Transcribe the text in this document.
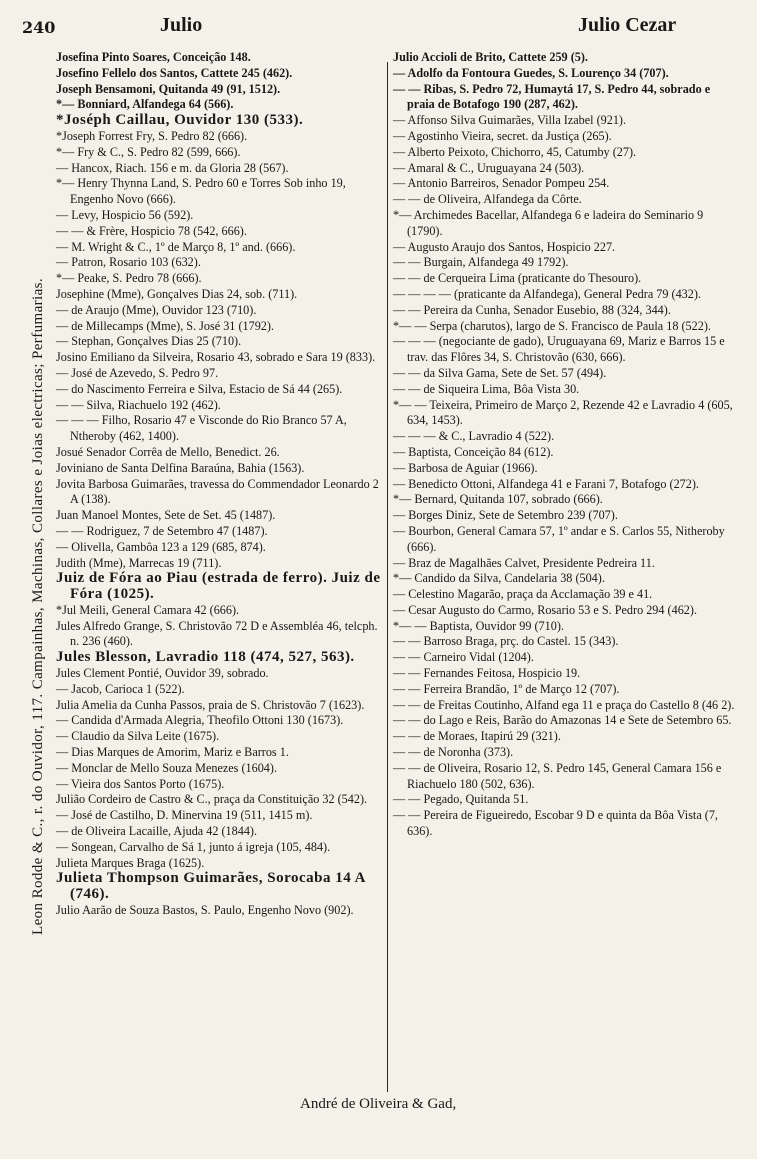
240	Julio	Julio Cezar
Leon Rodde & C., r. do Ouvidor, 117. Campainhas, Machinas, Collares e Joias electricas; Perfumarias.

Josefina Pinto Soares, Conceição 148.

Josefino Fellelo dos Santos, Cattete 245 (462).

Joseph Bensamoni, Quitanda 49 (91, 1512).

*— Bonniard, Alfandega 64 (566).

*Joséph Caillau, Ouvidor 130 (533).

*Joseph Forrest Fry, S. Pedro 82 (666).

*— Fry & C., S. Pedro 82 (599, 666).

— Hancox, Riach. 156 e m. da Gloria 28 (567).

*— Henry Thynna Land, S. Pedro 60 e Torres Sob inho 19, Engenho Novo (666).

— Levy, Hospicio 56 (592).

— — & Frère, Hospicio 78 (542, 666).

— M. Wright & C., 1º de Março 8, 1º and. (666).

— Patron, Rosario 103 (632).

*— Peake, S. Pedro 78 (666).

Josephine (Mme), Gonçalves Dias 24, sob. (711).

— de Araujo (Mme), Ouvidor 123 (710).

— de Millecamps (Mme), S. José 31 (1792).

— Stephan, Gonçalves Dias 25 (710).

Josino Emiliano da Silveira, Rosario 43, sobrado e Sara 19 (833).

— José de Azevedo, S. Pedro 97.

— do Nascimento Ferreira e Silva, Estacio de Sá 44 (265).

— — Silva, Riachuelo 192 (462).

— — — Filho, Rosario 47 e Visconde do Rio Branco 57 A, Ntheroby (462, 1400).

Josué Senador Corrêa de Mello, Benedict. 26.

Joviniano de Santa Delfina Baraúna, Bahia (1563).

Jovita Barbosa Guimarães, travessa do Commendador Leonardo 2 A (138).

Juan Manoel Montes, Sete de Set. 45 (1487).

— — Rodriguez, 7 de Setembro 47 (1487).

— Olivella, Gambôa 123 a 129 (685, 874).

Judith (Mme), Marrecas 19 (711).

Juiz de Fóra ao Piau (estrada de ferro). Juiz de Fóra (1025).

*Jul Meili, General Camara 42 (666).

Jules Alfredo Grange, S. Christovão 72 D e Assembléa 46, telcph. n. 236 (460).

Jules Blesson, Lavradio 118 (474, 527, 563).

Jules Clement Pontié, Ouvidor 39, sobrado.

— Jacob, Carioca 1 (522).

Julia Amelia da Cunha Passos, praia de S. Christovão 7 (1623).

— Candida d'Armada Alegria, Theofilo Ottoni 130 (1673).

— Claudio da Silva Leite (1675).

— Dias Marques de Amorim, Mariz e Barros 1.

— Monclar de Mello Souza Menezes (1604).

— Vieira dos Santos Porto (1675).

Julião Cordeiro de Castro & C., praça da Constituição 32 (542).

— José de Castilho, D. Minervina 19 (511, 1415 m).

— de Oliveira Lacaille, Ajuda 42 (1844).

— Songean, Carvalho de Sá 1, junto á igreja (105, 484).

Julieta Marques Braga (1625).

Julieta Thompson Guimarães, Sorocaba 14 A (746).

Julio Aarão de Souza Bastos, S. Paulo, Engenho Novo (902).

Julio Accioli de Brito, Cattete 259 (5).

— Adolfo da Fontoura Guedes, S. Lourenço 34 (707).

— — Ribas, S. Pedro 72, Humaytá 17, S. Pedro 44, sobrado e praia de Botafogo 190 (287, 462).

— Affonso Silva Guimarães, Villa Izabel (921).

— Agostinho Vieira, secret. da Justiça (265).

— Alberto Peixoto, Chichorro, 45, Catumby (27).

— Amaral & C., Uruguayana 24 (503).

— Antonio Barreiros, Senador Pompeu 254.

— — de Oliveira, Alfandega da Côrte.

*— Archimedes Bacellar, Alfandega 6 e ladeira do Seminario 9 (1790).

— Augusto Araujo dos Santos, Hospicio 227.

— — Burgain, Alfandega 49 1792).

— — de Cerqueira Lima (praticante do Thesouro).

— — — — (praticante da Alfandega), General Pedra 79 (432).

— — Pereira da Cunha, Senador Eusebio, 88 (324, 344).

*— — Serpa (charutos), largo de S. Francisco de Paula 18 (522).

— — — (negociante de gado), Uruguayana 69, Mariz e Barros 15 e trav. das Flôres 34, S. Christovão (630, 666).

— — da Silva Gama, Sete de Set. 57 (494).

— — de Siqueira Lima, Bôa Vista 30.

*— — Teixeira, Primeiro de Março 2, Rezende 42 e Lavradio 4 (605, 634, 1453).

— — — & C., Lavradio 4 (522).

— Baptista, Conceição 84 (612).

— Barbosa de Aguiar (1966).

— Benedicto Ottoni, Alfandega 41 e Farani 7, Botafogo (272).

*— Bernard, Quitanda 107, sobrado (666).

— Borges Diniz, Sete de Setembro 239 (707).

— Bourbon, General Camara 57, 1º andar e S. Carlos 55, Nitheroby (666).

— Braz de Magalhães Calvet, Presidente Pedreira 11.

*— Candido da Silva, Candelaria 38 (504).

— Celestino Magarão, praça da Acclamação 39 e 41.

— Cesar Augusto do Carmo, Rosario 53 e S. Pedro 294 (462).

*— — Baptista, Ouvidor 99 (710).

— — Barroso Braga, prç. do Castel. 15 (343).

— — Carneiro Vidal (1204).

— — Fernandes Feitosa, Hospicio 19.

— — Ferreira Brandão, 1º de Março 12 (707).

— — de Freitas Coutinho, Alfand ega 11 e praça do Castello 8 (46 2).

— — do Lago e Reis, Barão do Amazonas 14 e Sete de Setembro 65.

— — de Moraes, Itapirú 29 (321).

— — de Noronha (373).

— — de Oliveira, Rosario 12, S. Pedro 145, General Camara 156 e Riachuelo 180 (502, 636).

— — Pegado, Quitanda 51.

— — Pereira de Figueiredo, Escobar 9 D e quinta da Bôa Vista (7, 636).

André de Oliveira & Gad,
